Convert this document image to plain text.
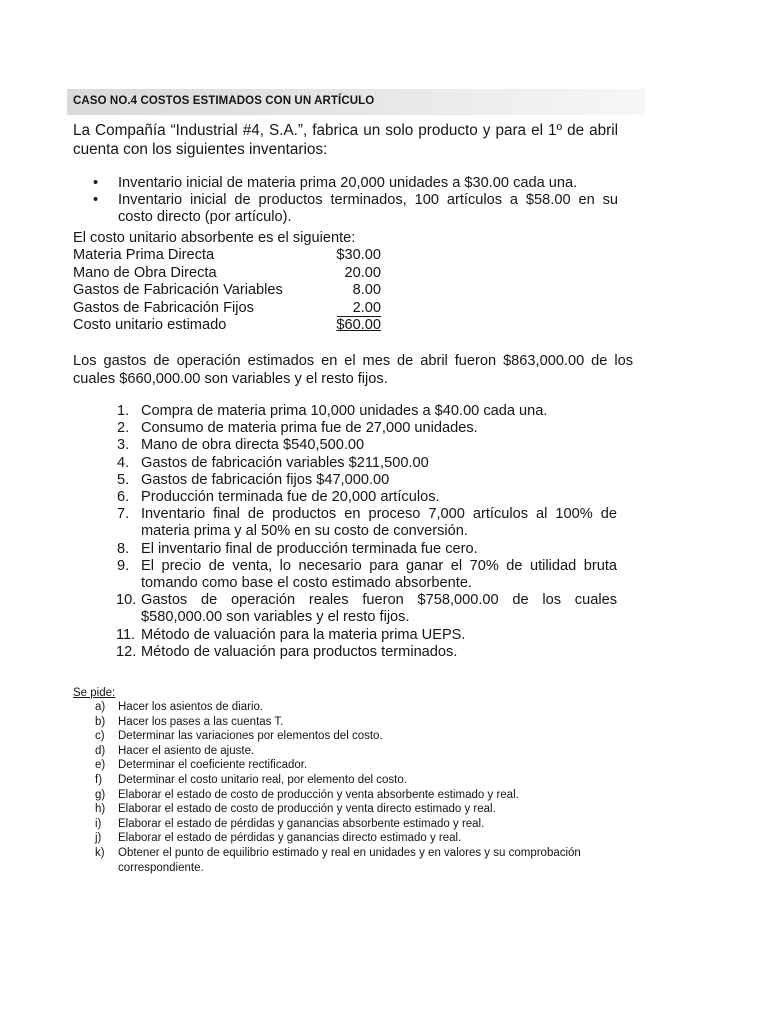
CASO NO.4 COSTOS ESTIMADOS CON UN ARTÍCULO

La Compañía “Industrial #4, S.A.”, fabrica un solo producto y para el 1º de abril cuenta con los siguientes inventarios:

• Inventario inicial de materia prima 20,000 unidades a $30.00 cada una.
• Inventario inicial de productos terminados, 100 artículos a $58.00 en su costo directo (por artículo).
El costo unitario absorbente es el siguiente:
Materia Prima Directa	$30.00
Mano de Obra Directa	20.00
Gastos de Fabricación Variables	8.00
Gastos de Fabricación Fijos	2.00
Costo unitario estimado	$60.00

Los gastos de operación estimados en el mes de abril fueron $863,000.00 de los cuales $660,000.00 son variables y el resto fijos.

1. Compra de materia prima 10,000 unidades a $40.00 cada una.
2. Consumo de materia prima fue de 27,000 unidades.
3. Mano de obra directa $540,500.00
4. Gastos de fabricación variables $211,500.00
5. Gastos de fabricación fijos $47,000.00
6. Producción terminada fue de 20,000 artículos.
7. Inventario final de productos en proceso 7,000 artículos al 100% de materia prima y al 50% en su costo de conversión.
8. El inventario final de producción terminada fue cero.
9. El precio de venta, lo necesario para ganar el 70% de utilidad bruta tomando como base el costo estimado absorbente.
10. Gastos de operación reales fueron $758,000.00 de los cuales $580,000.00 son variables y el resto fijos.
11. Método de valuación para la materia prima UEPS.
12. Método de valuación para productos terminados.
Se pide:
a) Hacer los asientos de diario.
b) Hacer los pases a las cuentas T.
c) Determinar las variaciones por elementos del costo.
d) Hacer el asiento de ajuste.
e) Determinar el coeficiente rectificador.
f) Determinar el costo unitario real, por elemento del costo.
g) Elaborar el estado de costo de producción y venta absorbente estimado y real.
h) Elaborar el estado de costo de producción y venta directo estimado y real.
i) Elaborar el estado de pérdidas y ganancias absorbente estimado y real.
j) Elaborar el estado de pérdidas y ganancias directo estimado y real.
k) Obtener el punto de equilibrio estimado y real en unidades y en valores y su comprobación correspondiente.
